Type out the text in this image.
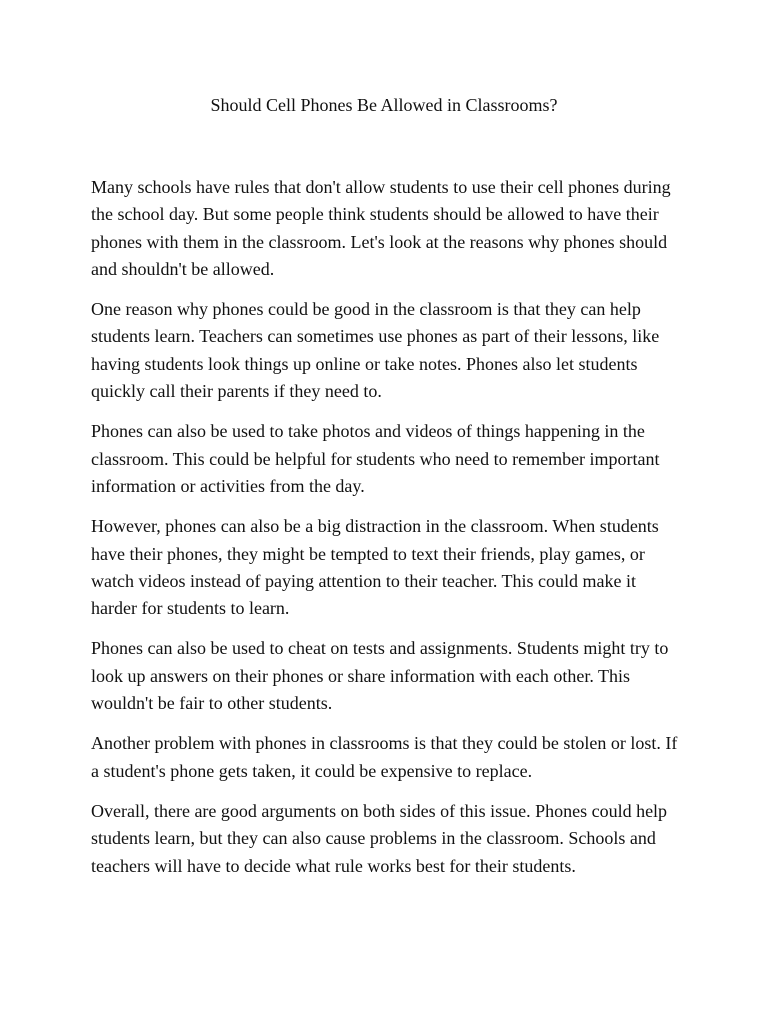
Should Cell Phones Be Allowed in Classrooms?

Many schools have rules that don't allow students to use their cell phones during the school day. But some people think students should be allowed to have their phones with them in the classroom. Let's look at the reasons why phones should and shouldn't be allowed.

One reason why phones could be good in the classroom is that they can help students learn. Teachers can sometimes use phones as part of their lessons, like having students look things up online or take notes. Phones also let students quickly call their parents if they need to.

Phones can also be used to take photos and videos of things happening in the classroom. This could be helpful for students who need to remember important information or activities from the day.

However, phones can also be a big distraction in the classroom. When students have their phones, they might be tempted to text their friends, play games, or watch videos instead of paying attention to their teacher. This could make it harder for students to learn.

Phones can also be used to cheat on tests and assignments. Students might try to look up answers on their phones or share information with each other. This wouldn't be fair to other students.

Another problem with phones in classrooms is that they could be stolen or lost. If a student's phone gets taken, it could be expensive to replace.

Overall, there are good arguments on both sides of this issue. Phones could help students learn, but they can also cause problems in the classroom. Schools and teachers will have to decide what rule works best for their students.
